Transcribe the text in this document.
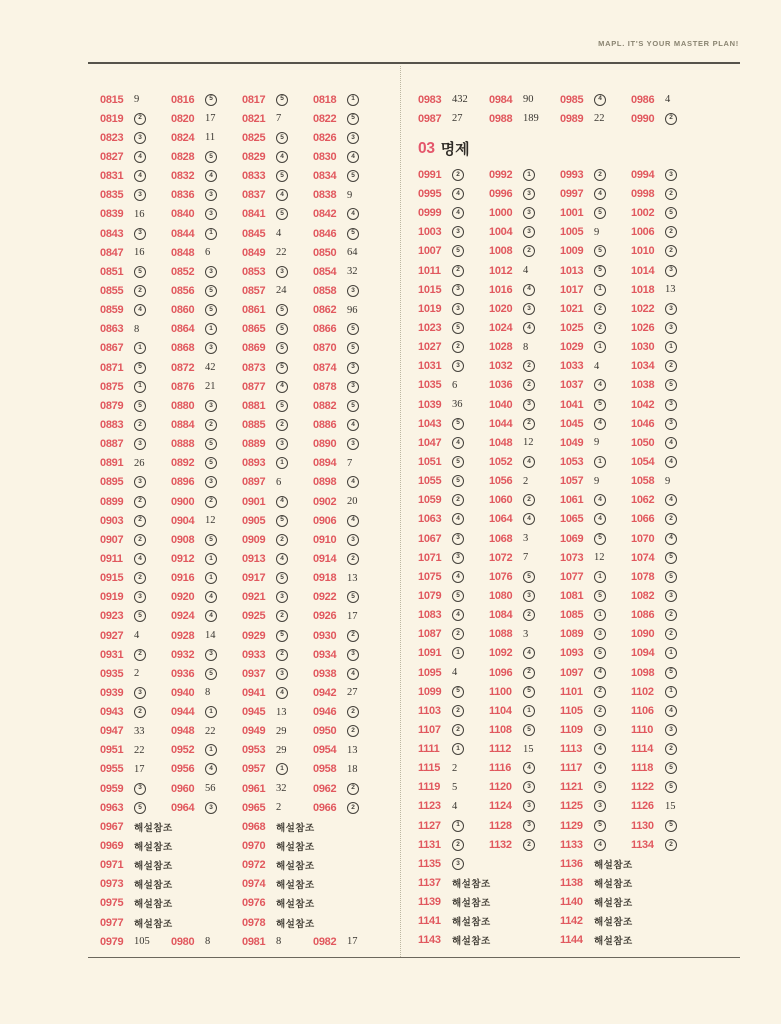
MAPL. IT'S YOUR MASTER PLAN!
0815	9	0816	5	0817	5	0818	1
0819	2	0820	17	0821	7	0822	5
0823	3	0824	11	0825	5	0826	3
0827	4	0828	5	0829	4	0830	4
0831	4	0832	4	0833	5	0834	5
0835	3	0836	3	0837	4	0838	9
0839	16	0840	3	0841	5	0842	4
0843	3	0844	1	0845	4	0846	5
0847	16	0848	6	0849	22	0850	64
0851	5	0852	3	0853	3	0854	32
0855	2	0856	5	0857	24	0858	3
0859	4	0860	5	0861	5	0862	96
0863	8	0864	1	0865	5	0866	5
0867	1	0868	3	0869	5	0870	5
0871	5	0872	42	0873	5	0874	3
0875	1	0876	21	0877	4	0878	3
0879	5	0880	3	0881	5	0882	5
0883	2	0884	2	0885	2	0886	4
0887	3	0888	5	0889	3	0890	3
0891	26	0892	5	0893	1	0894	7
0895	3	0896	3	0897	6	0898	4
0899	2	0900	2	0901	4	0902	20
0903	2	0904	12	0905	5	0906	4
0907	2	0908	5	0909	2	0910	3
0911	4	0912	1	0913	4	0914	2
0915	2	0916	1	0917	5	0918	13
0919	3	0920	4	0921	3	0922	5
0923	5	0924	4	0925	2	0926	17
0927	4	0928	14	0929	5	0930	2
0931	2	0932	3	0933	2	0934	3
0935	2	0936	5	0937	3	0938	4
0939	3	0940	8	0941	4	0942	27
0943	2	0944	1	0945	13	0946	2
0947	33	0948	22	0949	29	0950	2
0951	22	0952	1	0953	29	0954	13
0955	17	0956	4	0957	1	0958	18
0959	3	0960	56	0961	32	0962	2
0963	5	0964	3	0965	2	0966	2
0967	해설참조	0968	해설참조
0969	해설참조	0970	해설참조
0971	해설참조	0972	해설참조
0973	해설참조	0974	해설참조
0975	해설참조	0976	해설참조
0977	해설참조	0978	해설참조
0979	105	0980	8	0981	8	0982	17
0983	432	0984	90	0985	4	0986	4
0987	27	0988	189	0989	22	0990	2
03 명제
0991	2	0992	1	0993	2	0994	3
0995	4	0996	3	0997	4	0998	2
0999	4	1000	3	1001	5	1002	5
1003	3	1004	3	1005	9	1006	2
1007	5	1008	2	1009	5	1010	2
1011	2	1012	4	1013	5	1014	3
1015	3	1016	4	1017	1	1018	13
1019	3	1020	3	1021	2	1022	3
1023	5	1024	4	1025	2	1026	3
1027	2	1028	8	1029	1	1030	1
1031	3	1032	2	1033	4	1034	2
1035	6	1036	2	1037	4	1038	5
1039	36	1040	3	1041	5	1042	3
1043	5	1044	2	1045	4	1046	3
1047	4	1048	12	1049	9	1050	4
1051	5	1052	4	1053	1	1054	4
1055	5	1056	2	1057	9	1058	9
1059	2	1060	2	1061	4	1062	4
1063	4	1064	4	1065	4	1066	2
1067	3	1068	3	1069	5	1070	4
1071	3	1072	7	1073	12	1074	5
1075	4	1076	5	1077	1	1078	5
1079	5	1080	3	1081	5	1082	3
1083	4	1084	2	1085	1	1086	2
1087	2	1088	3	1089	3	1090	2
1091	1	1092	4	1093	5	1094	1
1095	4	1096	2	1097	4	1098	5
1099	5	1100	5	1101	2	1102	1
1103	2	1104	1	1105	2	1106	4
1107	2	1108	5	1109	3	1110	3
1111	1	1112	15	1113	4	1114	2
1115	2	1116	4	1117	4	1118	5
1119	5	1120	3	1121	5	1122	5
1123	4	1124	3	1125	3	1126	15
1127	1	1128	3	1129	5	1130	5
1131	2	1132	2	1133	4	1134	2
1135	3	1136	해설참조
1137	해설참조	1138	해설참조
1139	해설참조	1140	해설참조
1141	해설참조	1142	해설참조
1143	해설참조	1144	해설참조
